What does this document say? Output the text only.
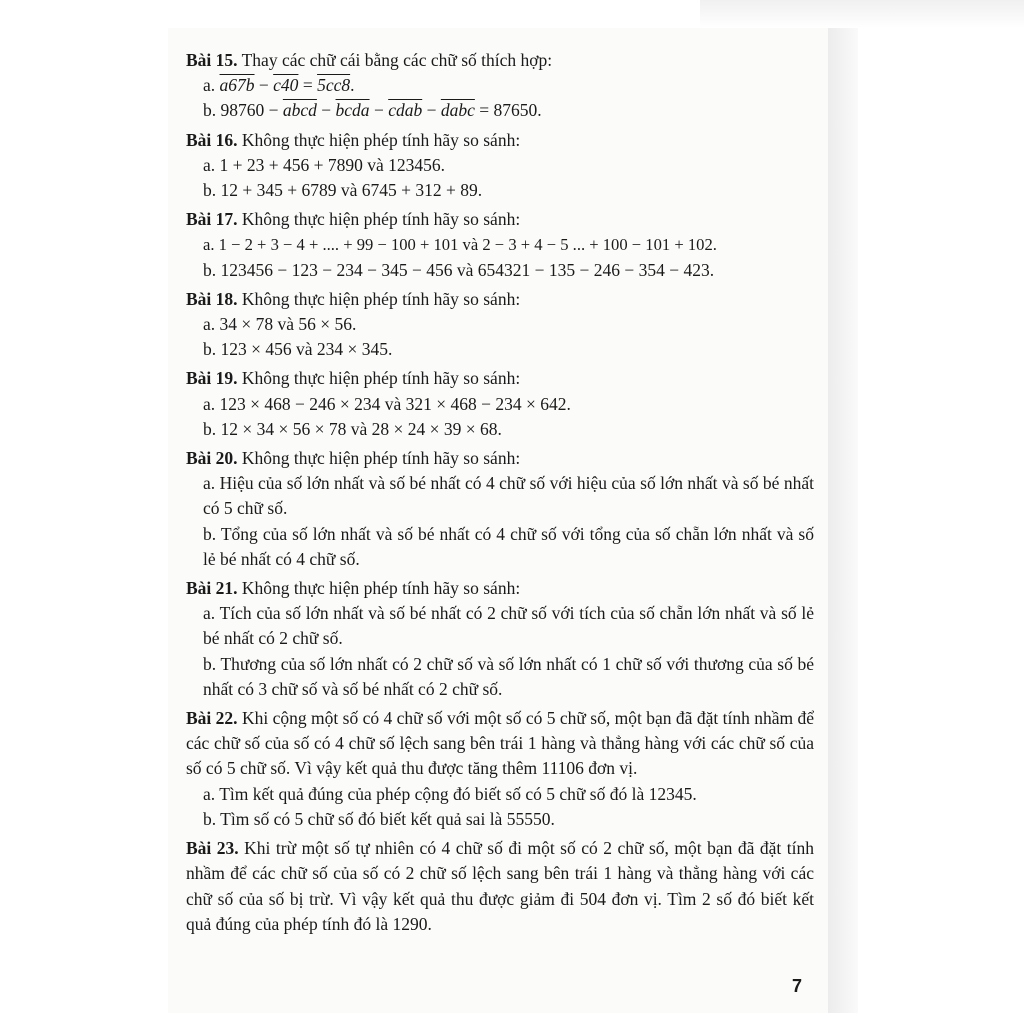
Bài 15. Thay các chữ cái bằng các chữ số thích hợp:
a. a67b − c40 = 5cc8.
b. 98760 − abcd − bcda − cdab − dabc = 87650.
Bài 16. Không thực hiện phép tính hãy so sánh:
a. 1 + 23 + 456 + 7890 và 123456.
b. 12 + 345 + 6789 và 6745 + 312 + 89.
Bài 17. Không thực hiện phép tính hãy so sánh:
a. 1 − 2 + 3 − 4 + .... + 99 − 100 + 101 và 2 − 3 + 4 − 5 ... + 100 − 101 + 102.
b. 123456 − 123 − 234 − 345 − 456 và 654321 − 135 − 246 − 354 − 423.
Bài 18. Không thực hiện phép tính hãy so sánh:
a. 34 × 78 và 56 × 56.
b. 123 × 456 và 234 × 345.
Bài 19. Không thực hiện phép tính hãy so sánh:
a. 123 × 468 − 246 × 234 và 321 × 468 − 234 × 642.
b. 12 × 34 × 56 × 78 và 28 × 24 × 39 × 68.
Bài 20. Không thực hiện phép tính hãy so sánh:
a. Hiệu của số lớn nhất và số bé nhất có 4 chữ số với hiệu của số lớn nhất và số bé nhất có 5 chữ số.
b. Tổng của số lớn nhất và số bé nhất có 4 chữ số với tổng của số chẵn lớn nhất và số lẻ bé nhất có 4 chữ số.
Bài 21. Không thực hiện phép tính hãy so sánh:
a. Tích của số lớn nhất và số bé nhất có 2 chữ số với tích của số chẵn lớn nhất và số lẻ bé nhất có 2 chữ số.
b. Thương của số lớn nhất có 2 chữ số và số lớn nhất có 1 chữ số với thương của số bé nhất có 3 chữ số và số bé nhất có 2 chữ số.
Bài 22. Khi cộng một số có 4 chữ số với một số có 5 chữ số, một bạn đã đặt tính nhầm để các chữ số của số có 4 chữ số lệch sang bên trái 1 hàng và thẳng hàng với các chữ số của số có 5 chữ số. Vì vậy kết quả thu được tăng thêm 11106 đơn vị.
a. Tìm kết quả đúng của phép cộng đó biết số có 5 chữ số đó là 12345.
b. Tìm số có 5 chữ số đó biết kết quả sai là 55550.
Bài 23. Khi trừ một số tự nhiên có 4 chữ số đi một số có 2 chữ số, một bạn đã đặt tính nhầm để các chữ số của số có 2 chữ số lệch sang bên trái 1 hàng và thẳng hàng với các chữ số của số bị trừ. Vì vậy kết quả thu được giảm đi 504 đơn vị. Tìm 2 số đó biết kết quả đúng của phép tính đó là 1290.
7
